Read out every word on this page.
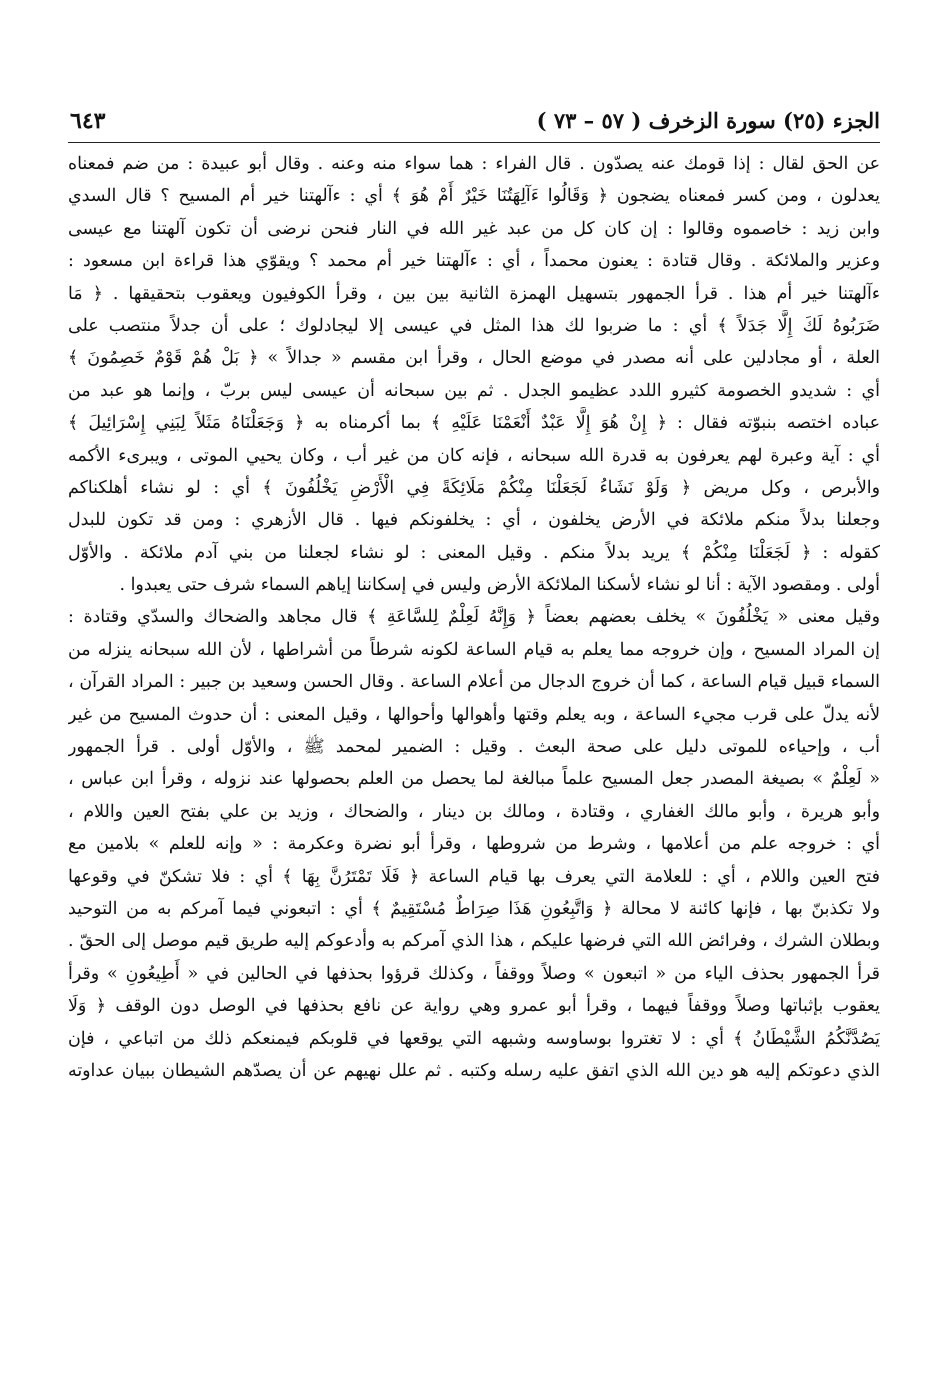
الجزء (٢٥) سورة الزخرف ( ٥٧ – ٧٣ )
٦٤٣
عن الحق لقال : إذا قومك عنه يصدّون . قال الفراء : هما سواء منه وعنه . وقال أبو عبيدة : من ضم فمعناه
يعدلون ، ومن كسر فمعناه يضجون ﴿ وَقَالُوا ءَآلِهَتُنَا خَيْرٌ أَمْ هُوَ ﴾ أي : ءآلهتنا خير أم المسيح ؟ قال السدي
وابن زيد : خاصموه وقالوا : إن كان كل من عبد غير الله في النار فنحن نرضى أن تكون آلهتنا مع عيسى
وعزير والملائكة . وقال قتادة : يعنون محمداً ، أي : ءآلهتنا خير أم محمد ؟ ويقوّي هذا قراءة ابن مسعود :
ءآلهتنا خير أم هذا . قرأ الجمهور بتسهيل الهمزة الثانية بين بين ، وقرأ الكوفيون ويعقوب بتحقيقها . ﴿ مَا
ضَرَبُوهُ لَكَ إِلَّا جَدَلاً ﴾ أي : ما ضربوا لك هذا المثل في عيسى إلا ليجادلوك ؛ على أن جدلاً منتصب على
العلة ، أو مجادلين على أنه مصدر في موضع الحال ، وقرأ ابن مقسم « جدالاً » ﴿ بَلْ هُمْ قَوْمٌ خَصِمُونَ ﴾
أي : شديدو الخصومة كثيرو اللدد عظيمو الجدل . ثم بين سبحانه أن عيسى ليس بربّ ، وإنما هو عبد من
عباده اختصه بنبوّته فقال : ﴿ إِنْ هُوَ إِلَّا عَبْدٌ أَنْعَمْنَا عَلَيْهِ ﴾ بما أكرمناه به ﴿ وَجَعَلْنَاهُ مَثَلاً لِبَنِي إِسْرَائِيلَ ﴾
أي : آية وعبرة لهم يعرفون به قدرة الله سبحانه ، فإنه كان من غير أب ، وكان يحيي الموتى ، ويبرىء الأكمه
والأبرص ، وكل مريض ﴿ وَلَوْ نَشَاءُ لَجَعَلْنَا مِنْكُمْ مَلَائِكَةً فِي الْأَرْضِ يَخْلُفُونَ ﴾ أي : لو نشاء أهلكناكم
وجعلنا بدلاً منكم ملائكة في الأرض يخلفون ، أي : يخلفونكم فيها . قال الأزهري : ومن قد تكون للبدل
كقوله : ﴿ لَجَعَلْنَا مِنْكُمْ ﴾ يريد بدلاً منكم . وقيل المعنى : لو نشاء لجعلنا من بني آدم ملائكة . والأوّل
أولى . ومقصود الآية : أنا لو نشاء لأسكنا الملائكة الأرض وليس في إسكاننا إياهم السماء شرف حتى يعبدوا .
وقيل معنى « يَخْلُفُونَ » يخلف بعضهم بعضاً ﴿ وَإِنَّهُ لَعِلْمٌ لِلسَّاعَةِ ﴾ قال مجاهد والضحاك والسدّي وقتادة :
إن المراد المسيح ، وإن خروجه مما يعلم به قيام الساعة لكونه شرطاً من أشراطها ، لأن الله سبحانه ينزله من
السماء قبيل قيام الساعة ، كما أن خروج الدجال من أعلام الساعة . وقال الحسن وسعيد بن جبير : المراد القرآن ،
لأنه يدلّ على قرب مجيء الساعة ، وبه يعلم وقتها وأهوالها وأحوالها ، وقيل المعنى : أن حدوث المسيح من غير
أب ، وإحياءه للموتى دليل على صحة البعث . وقيل : الضمير لمحمد ﷺ ، والأوّل أولى . قرأ الجمهور
« لَعِلْمٌ » بصيغة المصدر جعل المسيح علماً مبالغة لما يحصل من العلم بحصولها عند نزوله ، وقرأ ابن عباس ،
وأبو هريرة ، وأبو مالك الغفاري ، وقتادة ، ومالك بن دينار ، والضحاك ، وزيد بن علي بفتح العين واللام ،
أي : خروجه علم من أعلامها ، وشرط من شروطها ، وقرأ أبو نضرة وعكرمة : « وإنه للعلم » بلامين مع
فتح العين واللام ، أي : للعلامة التي يعرف بها قيام الساعة ﴿ فَلَا تَمْتَرُنَّ بِهَا ﴾ أي : فلا تشكنّ في وقوعها
ولا تكذبنّ بها ، فإنها كائنة لا محالة ﴿ وَاتَّبِعُونِ هَذَا صِرَاطٌ مُسْتَقِيمٌ ﴾ أي : اتبعوني فيما آمركم به من التوحيد
وبطلان الشرك ، وفرائض الله التي فرضها عليكم ، هذا الذي آمركم به وأدعوكم إليه طريق قيم موصل إلى الحقّ .
قرأ الجمهور بحذف الياء من « اتبعون » وصلاً ووقفاً ، وكذلك قرؤوا بحذفها في الحالين في « أَطِيعُونِ » وقرأ
يعقوب بإثباتها وصلاً ووقفاً فيهما ، وقرأ أبو عمرو وهي رواية عن نافع بحذفها في الوصل دون الوقف ﴿ وَلَا
يَصُدَّنَّكُمُ الشَّيْطَانُ ﴾ أي : لا تغتروا بوساوسه وشبهه التي يوقعها في قلوبكم فيمنعكم ذلك من اتباعي ، فإن
الذي دعوتكم إليه هو دين الله الذي اتفق عليه رسله وكتبه . ثم علل نهيهم عن أن يصدّهم الشيطان ببيان عداوته
